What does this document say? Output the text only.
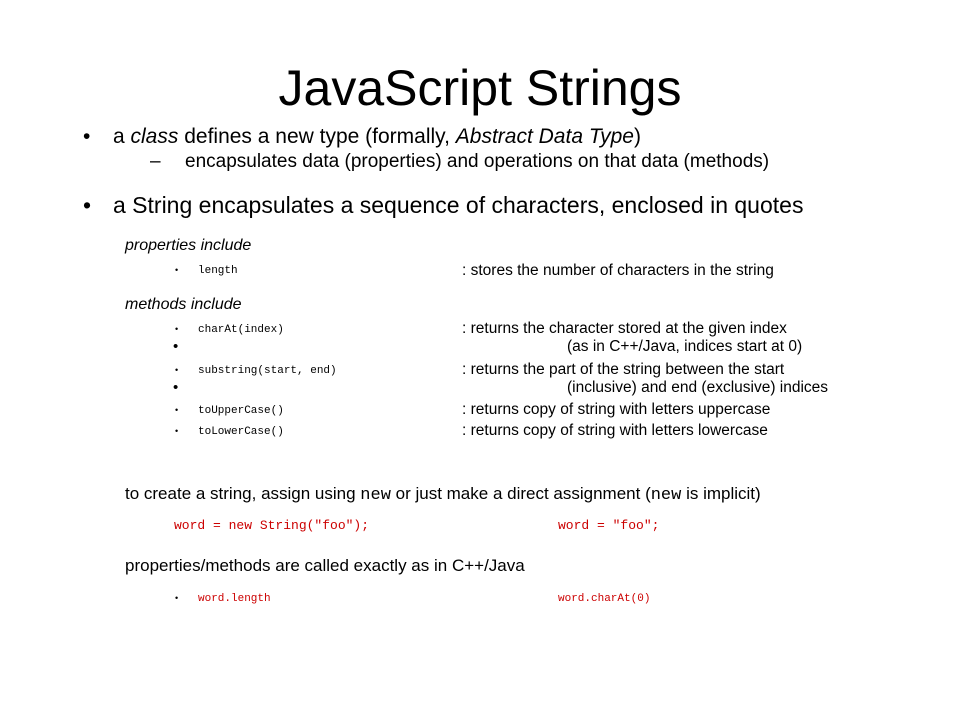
JavaScript Strings
• a class defines a new type (formally, Abstract Data Type)
– encapsulates data (properties) and operations on that data (methods)
• a String encapsulates a sequence of characters, enclosed in quotes
properties include
• length	: stores the number of characters in the string
methods include
• charAt(index)	: returns the character stored at the given index
•	(as in C++/Java, indices start at 0)
• substring(start, end)	: returns the part of the string between the start
•	(inclusive) and end (exclusive) indices
• toUpperCase()	: returns copy of string with letters uppercase
• toLowerCase()	: returns copy of string with letters lowercase
to create a string, assign using new or just make a direct assignment (new is implicit)
word = new String("foo");	word = "foo";
properties/methods are called exactly as in C++/Java
• word.length	word.charAt(0)
